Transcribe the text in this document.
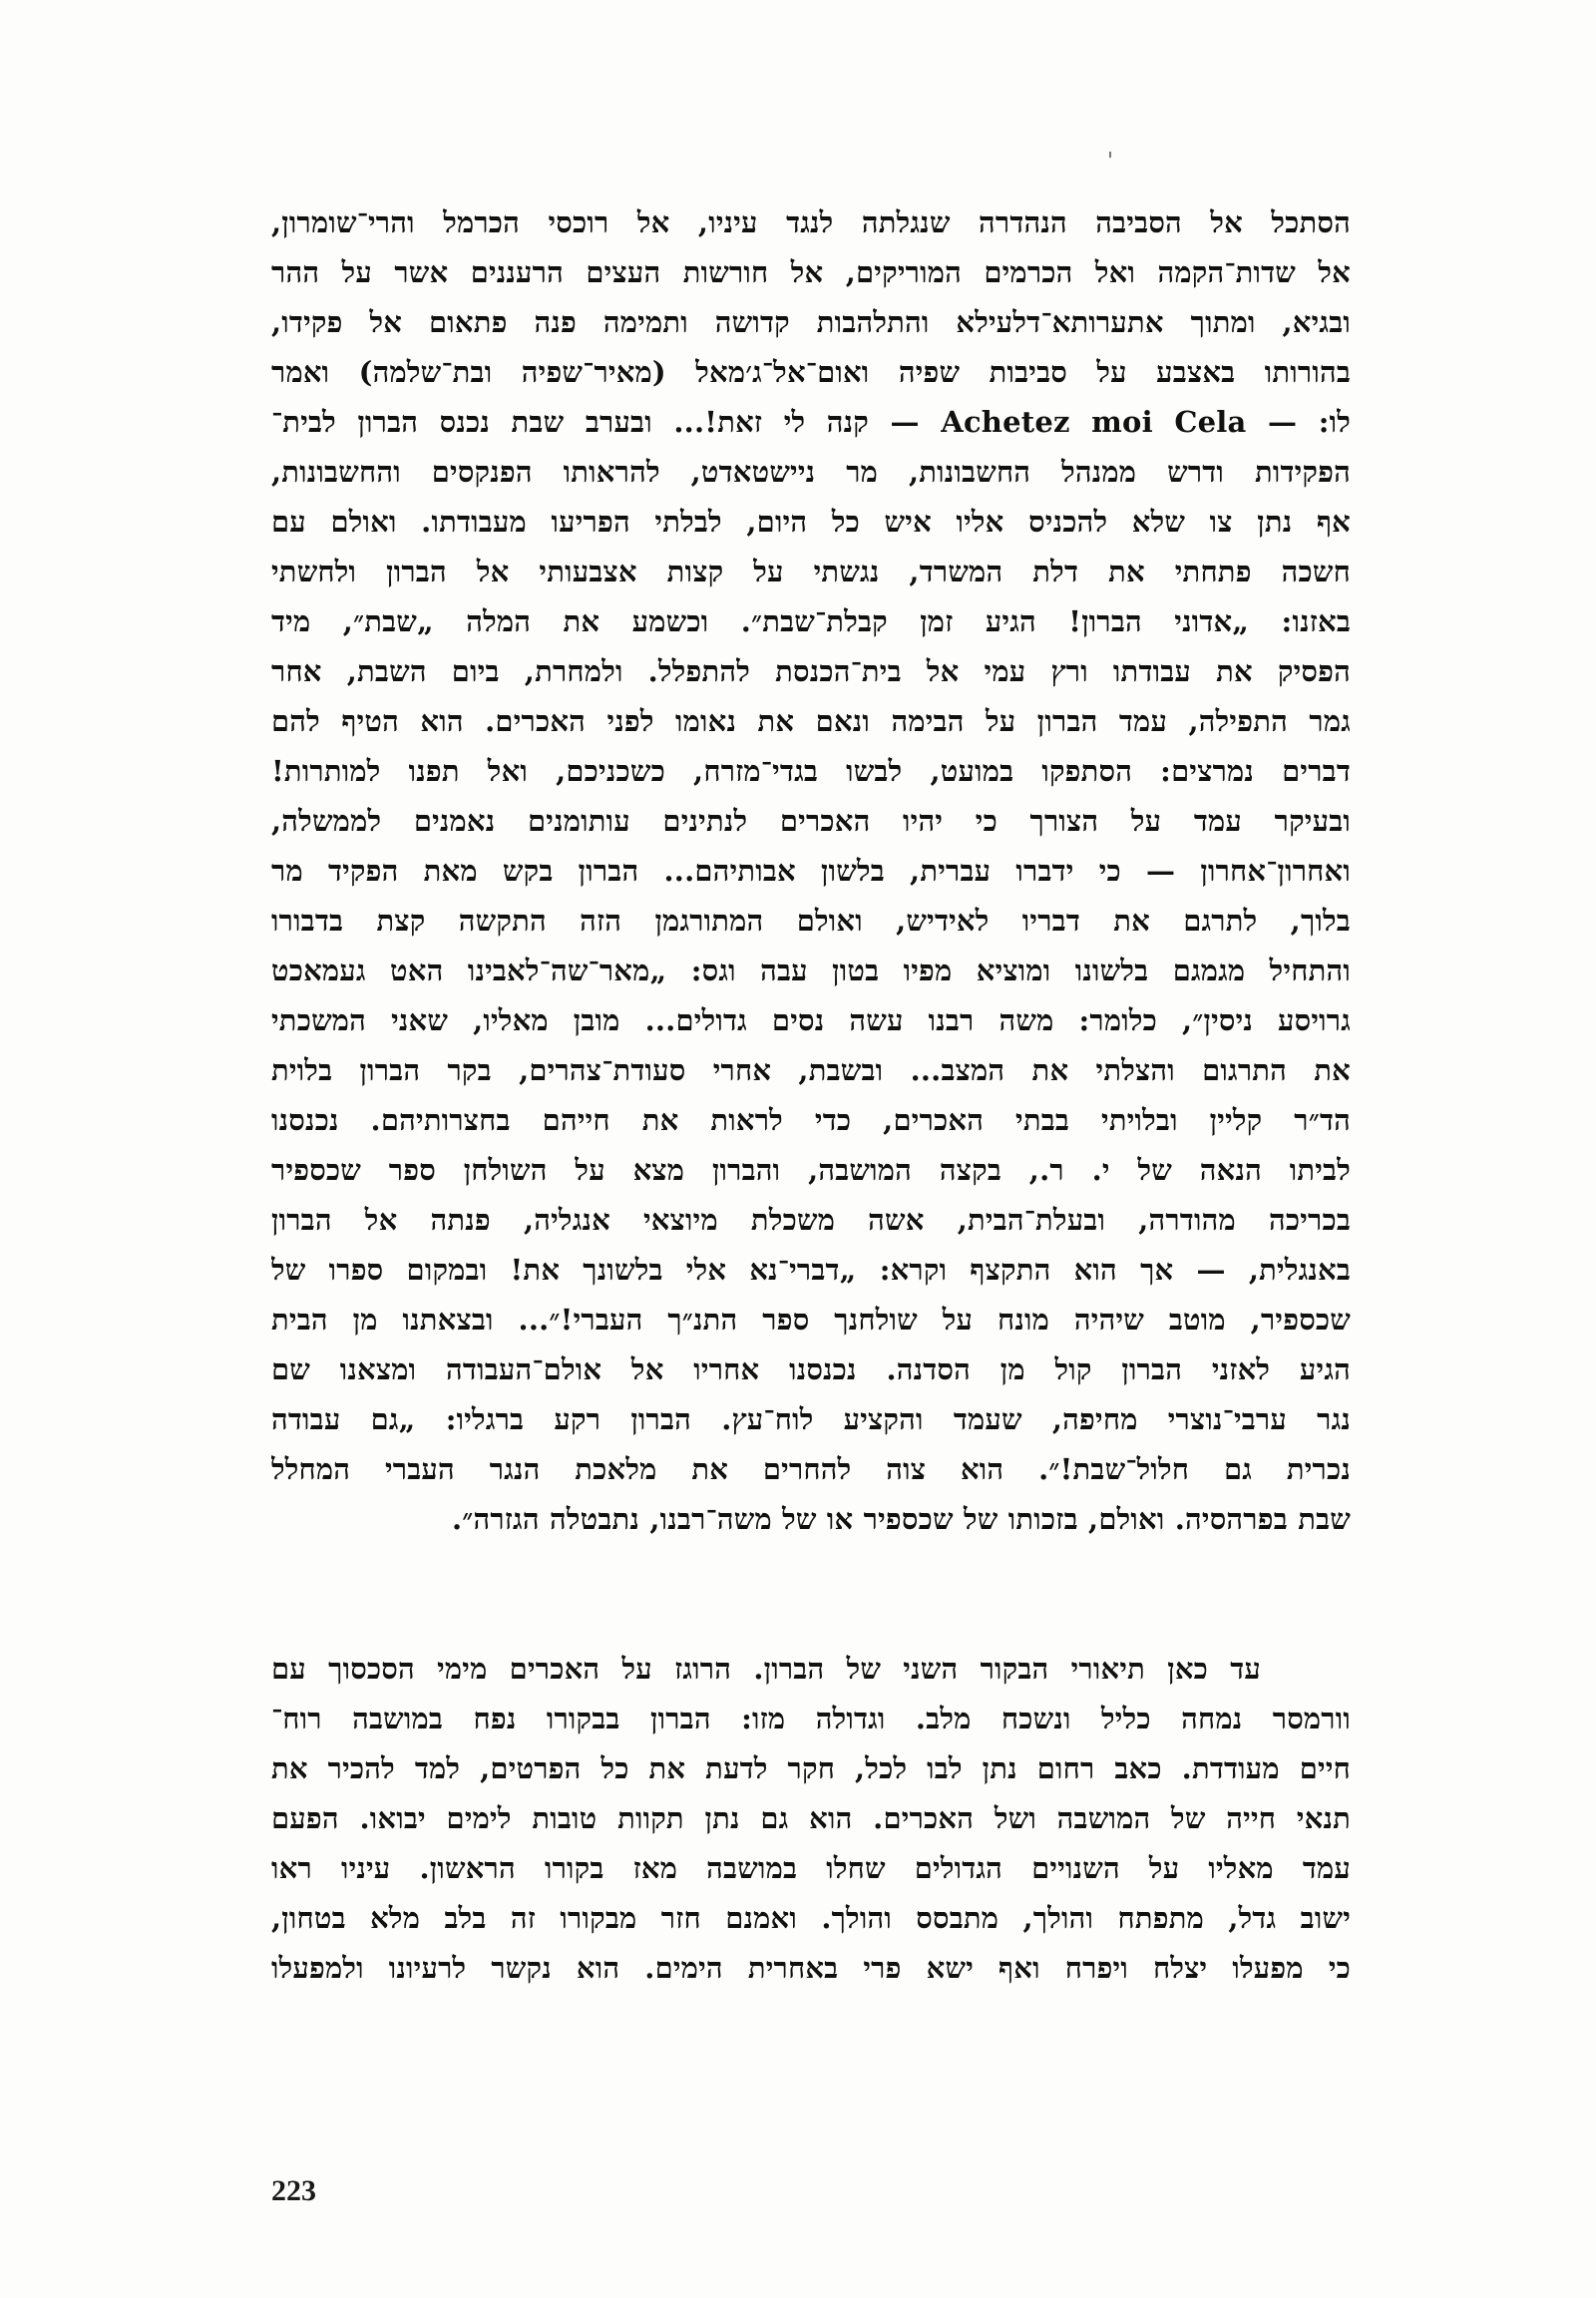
הסתכל אל הסביבה הנהדרה שנגלתה לנגד עיניו, אל רוכסי הכרמל והרי־שומרון,
אל שדות־הקמה ואל הכרמים המוריקים, אל חורשות העצים הרעננים אשר על ההר
ובגיא, ומתוך אתערותא־דלעילא והתלהבות קדושה ותמימה פנה פתאום אל פקידו,
בהורותו באצבע על סביבות שפיה ואום־אל־ג׳מאל (מאיר־שפיה ובת־שלמה) ואמר
לו: — Achetez moi Cela — קנה לי זאת!... ובערב שבת נכנס הברון לבית־
הפקידות ודרש ממנהל החשבונות, מר ניישטאדט, להראותו הפנקסים והחשבונות,
אף נתן צו שלא להכניס אליו איש כל היום, לבלתי הפריעו מעבודתו. ואולם עם
חשכה פתחתי את דלת המשרד, נגשתי על קצות אצבעותי אל הברון ולחשתי
באזנו: „אדוני הברון! הגיע זמן קבלת־שבת״. וכשמע את המלה „שבת״, מיד
הפסיק את עבודתו ורץ עמי אל בית־הכנסת להתפלל. ולמחרת, ביום השבת, אחר
גמר התפילה, עמד הברון על הבימה ונאם את נאומו לפני האכרים. הוא הטיף להם
דברים נמרצים: הסתפקו במועט, לבשו בגדי־מזרח, כשכניכם, ואל תפנו למותרות!
ובעיקר עמד על הצורך כי יהיו האכרים לנתינים עותומנים נאמנים לממשלה,
ואחרון־אחרון — כי ידברו עברית, בלשון אבותיהם... הברון בקש מאת הפקיד מר
בלוך, לתרגם את דבריו לאידיש, ואולם המתורגמן הזה התקשה קצת בדבורו
והתחיל מגמגם בלשונו ומוציא מפיו בטון עבה וגס: „מאר־שה־לאבינו האט געמאכט
גרויסע ניסין״, כלומר: משה רבנו עשה נסים גדולים... מובן מאליו, שאני המשכתי
את התרגום והצלתי את המצב... ובשבת, אחרי סעודת־צהרים, בקר הברון בלוית
הד״ר קליין ובלויתי בבתי האכרים, כדי לראות את חייהם בחצרותיהם. נכנסנו
לביתו הנאה של י. ר., בקצה המושבה, והברון מצא על השולחן ספר שכספיר
בכריכה מהודרה, ובעלת־הבית, אשה משכלת מיוצאי אנגליה, פנתה אל הברון
באנגלית, — אך הוא התקצף וקרא: „דברי־נא אלי בלשונך את! ובמקום ספרו של
שכספיר, מוטב שיהיה מונח על שולחנך ספר התנ״ך העברי!״... ובצאתנו מן הבית
הגיע לאזני הברון קול מן הסדנה. נכנסנו אחריו אל אולם־העבודה ומצאנו שם
נגר ערבי־נוצרי מחיפה, שעמד והקציע לוח־עץ. הברון רקע ברגליו: „גם עבודה
נכרית גם חלול־שבת!״. הוא צוה להחרים את מלאכת הנגר העברי המחלל
שבת בפרהסיה. ואולם, בזכותו של שכספיר או של משה־רבנו, נתבטלה הגזרה״.
עד כאן תיאורי הבקור השני של הברון. הרוגז על האכרים מימי הסכסוך עם
וורמסר נמחה כליל ונשכח מלב. וגדולה מזו: הברון בבקורו נפח במושבה רוח־
חיים מעודדת. כאב רחום נתן לבו לכל, חקר לדעת את כל הפרטים, למד להכיר את
תנאי חייה של המושבה ושל האכרים. הוא גם נתן תקוות טובות לימים יבואו. הפעם
עמד מאליו על השנויים הגדולים שחלו במושבה מאז בקורו הראשון. עיניו ראו
ישוב גדל, מתפתח והולך, מתבסס והולך. ואמנם חזר מבקורו זה בלב מלא בטחון,
כי מפעלו יצלח ויפרח ואף ישא פרי באחרית הימים. הוא נקשר לרעיונו ולמפעלו
223
